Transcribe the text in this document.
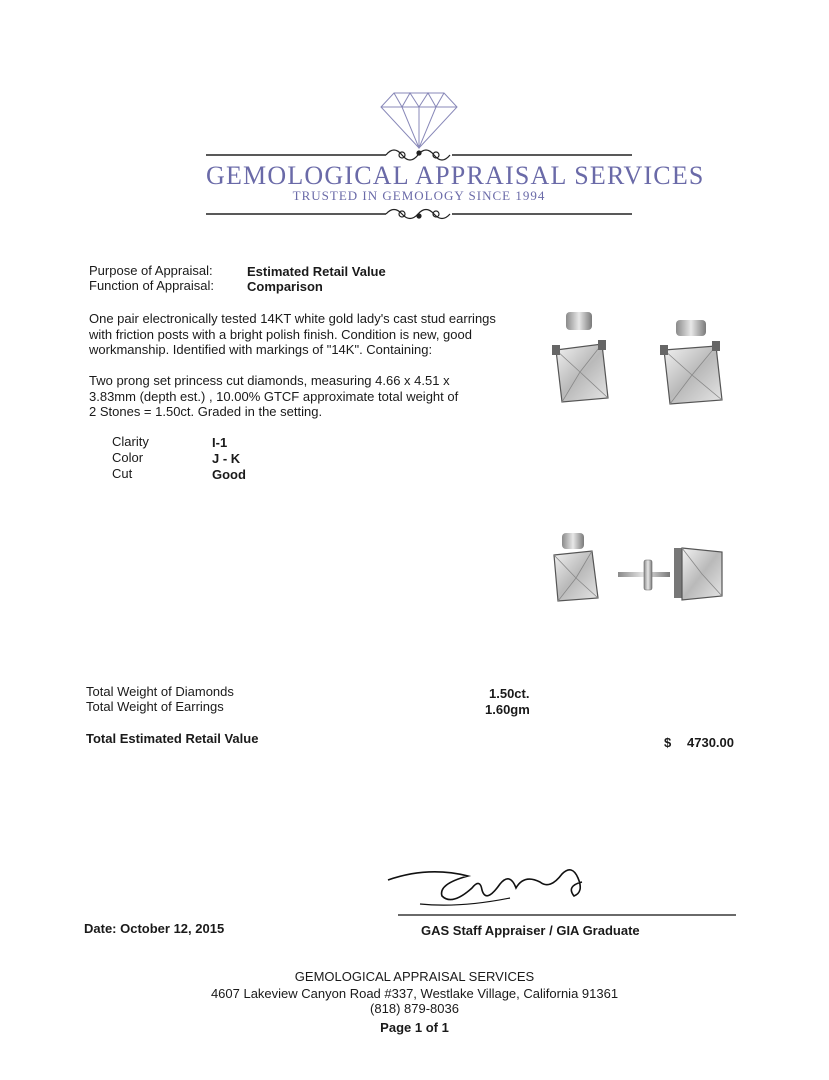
GEMOLOGICAL APPRAISAL SERVICES
TRUSTED IN GEMOLOGY SINCE 1994
Purpose of Appraisal:	Estimated Retail Value
Function of Appraisal:	Comparison
One pair electronically tested 14KT white gold lady's cast stud earrings
with friction posts with a bright polish finish. Condition is new, good
workmanship. Identified with markings of "14K". Containing:
Two prong set princess cut diamonds, measuring 4.66 x 4.51 x
3.83mm (depth est.) , 10.00% GTCF approximate total weight of
2 Stones = 1.50ct. Graded in the setting.
Clarity	I-1
Color	J - K
Cut	Good
Total Weight of Diamonds	1.50ct.
Total Weight of Earrings	1.60gm
Total Estimated Retail Value	$ 4730.00
Date: October 12, 2015	GAS Staff Appraiser / GIA Graduate
GEMOLOGICAL APPRAISAL SERVICES
4607 Lakeview Canyon Road #337, Westlake Village, California 91361
(818) 879-8036
Page 1 of 1
